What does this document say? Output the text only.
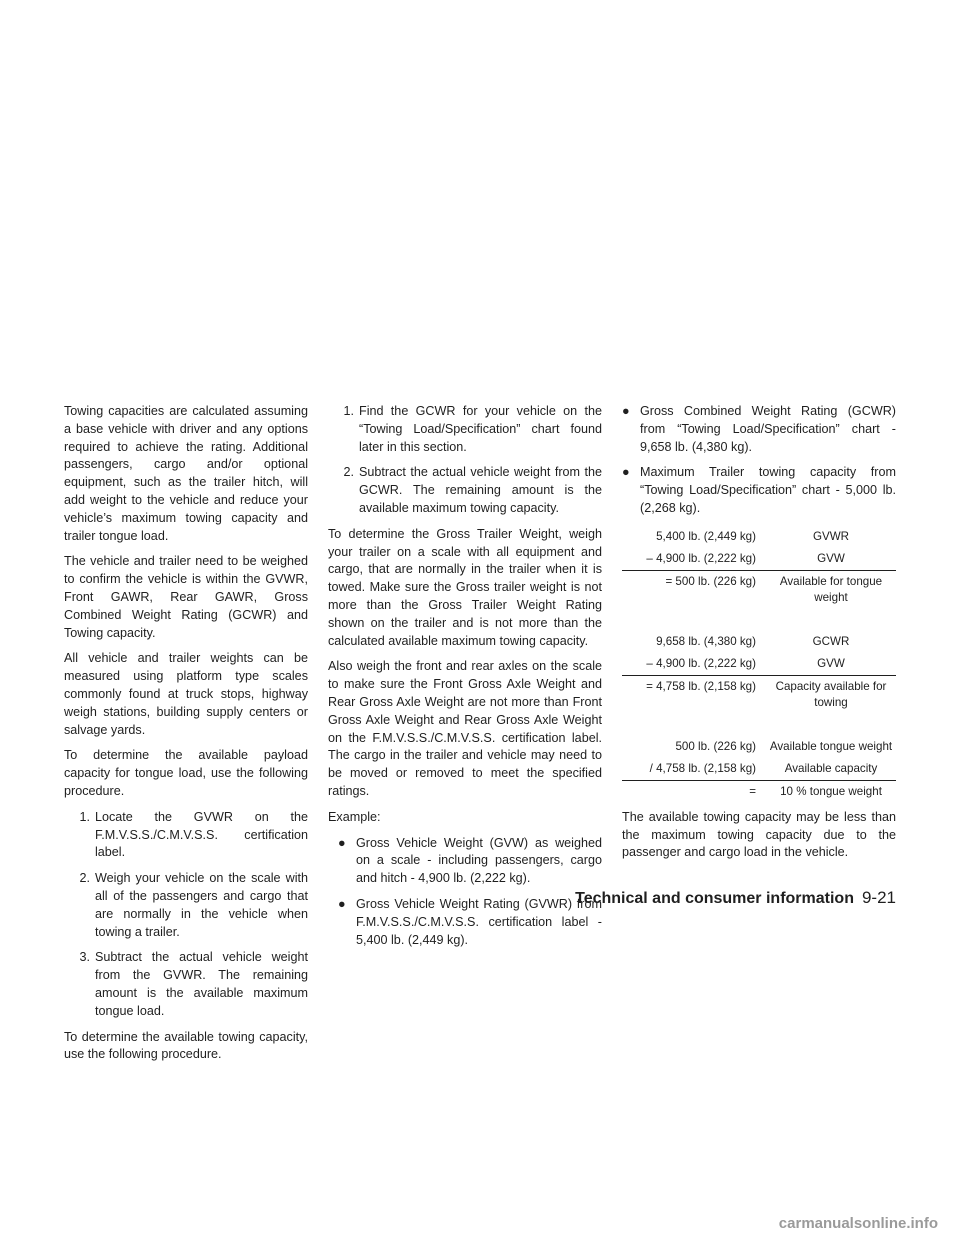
Towing capacities are calculated assuming a base vehicle with driver and any options required to achieve the rating. Additional passengers, cargo and/or optional equipment, such as the trailer hitch, will add weight to the vehicle and reduce your vehicle’s maximum towing capacity and trailer tongue load.

The vehicle and trailer need to be weighed to confirm the vehicle is within the GVWR, Front GAWR, Rear GAWR, Gross Combined Weight Rating (GCWR) and Towing capacity.

All vehicle and trailer weights can be measured using platform type scales commonly found at truck stops, highway weigh stations, building supply centers or salvage yards.

To determine the available payload capacity for tongue load, use the following procedure.

1. Locate the GVWR on the F.M.V.S.S./C.M.V.S.S. certification label.
2. Weigh your vehicle on the scale with all of the passengers and cargo that are normally in the vehicle when towing a trailer.
3. Subtract the actual vehicle weight from the GVWR. The remaining amount is the available maximum tongue load.

To determine the available towing capacity, use the following procedure.

1. Find the GCWR for your vehicle on the “Towing Load/Specification” chart found later in this section.
2. Subtract the actual vehicle weight from the GCWR. The remaining amount is the available maximum towing capacity.

To determine the Gross Trailer Weight, weigh your trailer on a scale with all equipment and cargo, that are normally in the trailer when it is towed. Make sure the Gross trailer weight is not more than the Gross Trailer Weight Rating shown on the trailer and is not more than the calculated available maximum towing capacity.

Also weigh the front and rear axles on the scale to make sure the Front Gross Axle Weight and Rear Gross Axle Weight are not more than Front Gross Axle Weight and Rear Gross Axle Weight on the F.M.V.S.S./C.M.V.S.S. certification label. The cargo in the trailer and vehicle may need to be moved or removed to meet the specified ratings.

Example:

● Gross Vehicle Weight (GVW) as weighed on a scale - including passengers, cargo and hitch - 4,900 lb. (2,222 kg).
● Gross Vehicle Weight Rating (GVWR) from F.M.V.S.S./C.M.V.S.S. certification label - 5,400 lb. (2,449 kg).
● Gross Combined Weight Rating (GCWR) from “Towing Load/Specification” chart - 9,658 lb. (4,380 kg).
● Maximum Trailer towing capacity from “Towing Load/Specification” chart - 5,000 lb. (2,268 kg).
5,400 lb. (2,449 kg)	GVWR
– 4,900 lb. (2,222 kg)	GVW
= 500 lb. (226 kg)	Available for tongue weight
9,658 lb. (4,380 kg)	GCWR
– 4,900 lb. (2,222 kg)	GVW
= 4,758 lb. (2,158 kg)	Capacity available for towing
500 lb. (226 kg)	Available tongue weight
/ 4,758 lb. (2,158 kg)	Available capacity
=	10 % tongue weight

The available towing capacity may be less than the maximum towing capacity due to the passenger and cargo load in the vehicle.

Technical and consumer information 9-21
carmanualsonline.info
